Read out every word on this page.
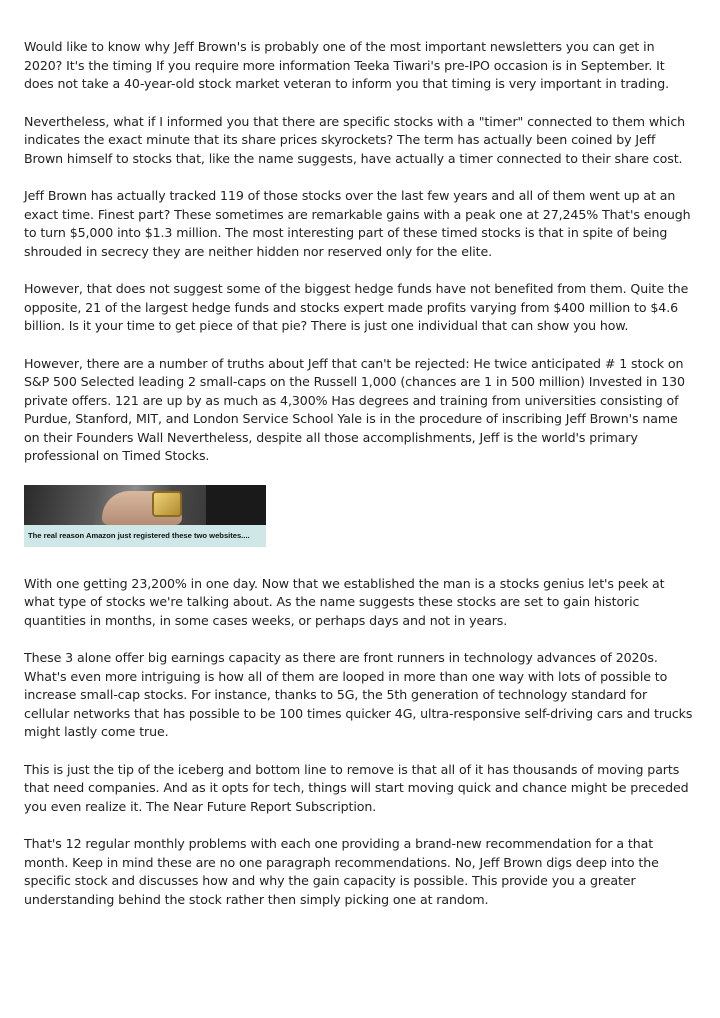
Would like to know why Jeff Brown's is probably one of the most important newsletters you can get in 2020? It's the timing If you require more information Teeka Tiwari's pre-IPO occasion is in September. It does not take a 40-year-old stock market veteran to inform you that timing is very important in trading.

Nevertheless, what if I informed you that there are specific stocks with a "timer" connected to them which indicates the exact minute that its share prices skyrockets? The term has actually been coined by Jeff Brown himself to stocks that, like the name suggests, have actually a timer connected to their share cost.

Jeff Brown has actually tracked 119 of those stocks over the last few years and all of them went up at an exact time. Finest part? These sometimes are remarkable gains with a peak one at 27,245% That's enough to turn $5,000 into $1.3 million. The most interesting part of these timed stocks is that in spite of being shrouded in secrecy they are neither hidden nor reserved only for the elite.

However, that does not suggest some of the biggest hedge funds have not benefited from them. Quite the opposite, 21 of the largest hedge funds and stocks expert made profits varying from $400 million to $4.6 billion. Is it your time to get piece of that pie? There is just one individual that can show you how.

However, there are a number of truths about Jeff that can't be rejected: He twice anticipated # 1 stock on S&P 500 Selected leading 2 small-caps on the Russell 1,000 (chances are 1 in 500 million) Invested in 130 private offers. 121 are up by as much as 4,300% Has degrees and training from universities consisting of Purdue, Stanford, MIT, and London Service School Yale is in the procedure of inscribing Jeff Brown's name on their Founders Wall Nevertheless, despite all those accomplishments, Jeff is the world's primary professional on Timed Stocks.

The real reason Amazon just registered these two websites....

With one getting 23,200% in one day. Now that we established the man is a stocks genius let's peek at what type of stocks we're talking about. As the name suggests these stocks are set to gain historic quantities in months, in some cases weeks, or perhaps days and not in years.

These 3 alone offer big earnings capacity as there are front runners in technology advances of 2020s. What's even more intriguing is how all of them are looped in more than one way with lots of possible to increase small-cap stocks. For instance, thanks to 5G, the 5th generation of technology standard for cellular networks that has possible to be 100 times quicker 4G, ultra-responsive self-driving cars and trucks might lastly come true.

This is just the tip of the iceberg and bottom line to remove is that all of it has thousands of moving parts that need companies. And as it opts for tech, things will start moving quick and chance might be preceded you even realize it. The Near Future Report Subscription.

That's 12 regular monthly problems with each one providing a brand-new recommendation for a that month. Keep in mind these are no one paragraph recommendations. No, Jeff Brown digs deep into the specific stock and discusses how and why the gain capacity is possible. This provide you a greater understanding behind the stock rather then simply picking one at random.
